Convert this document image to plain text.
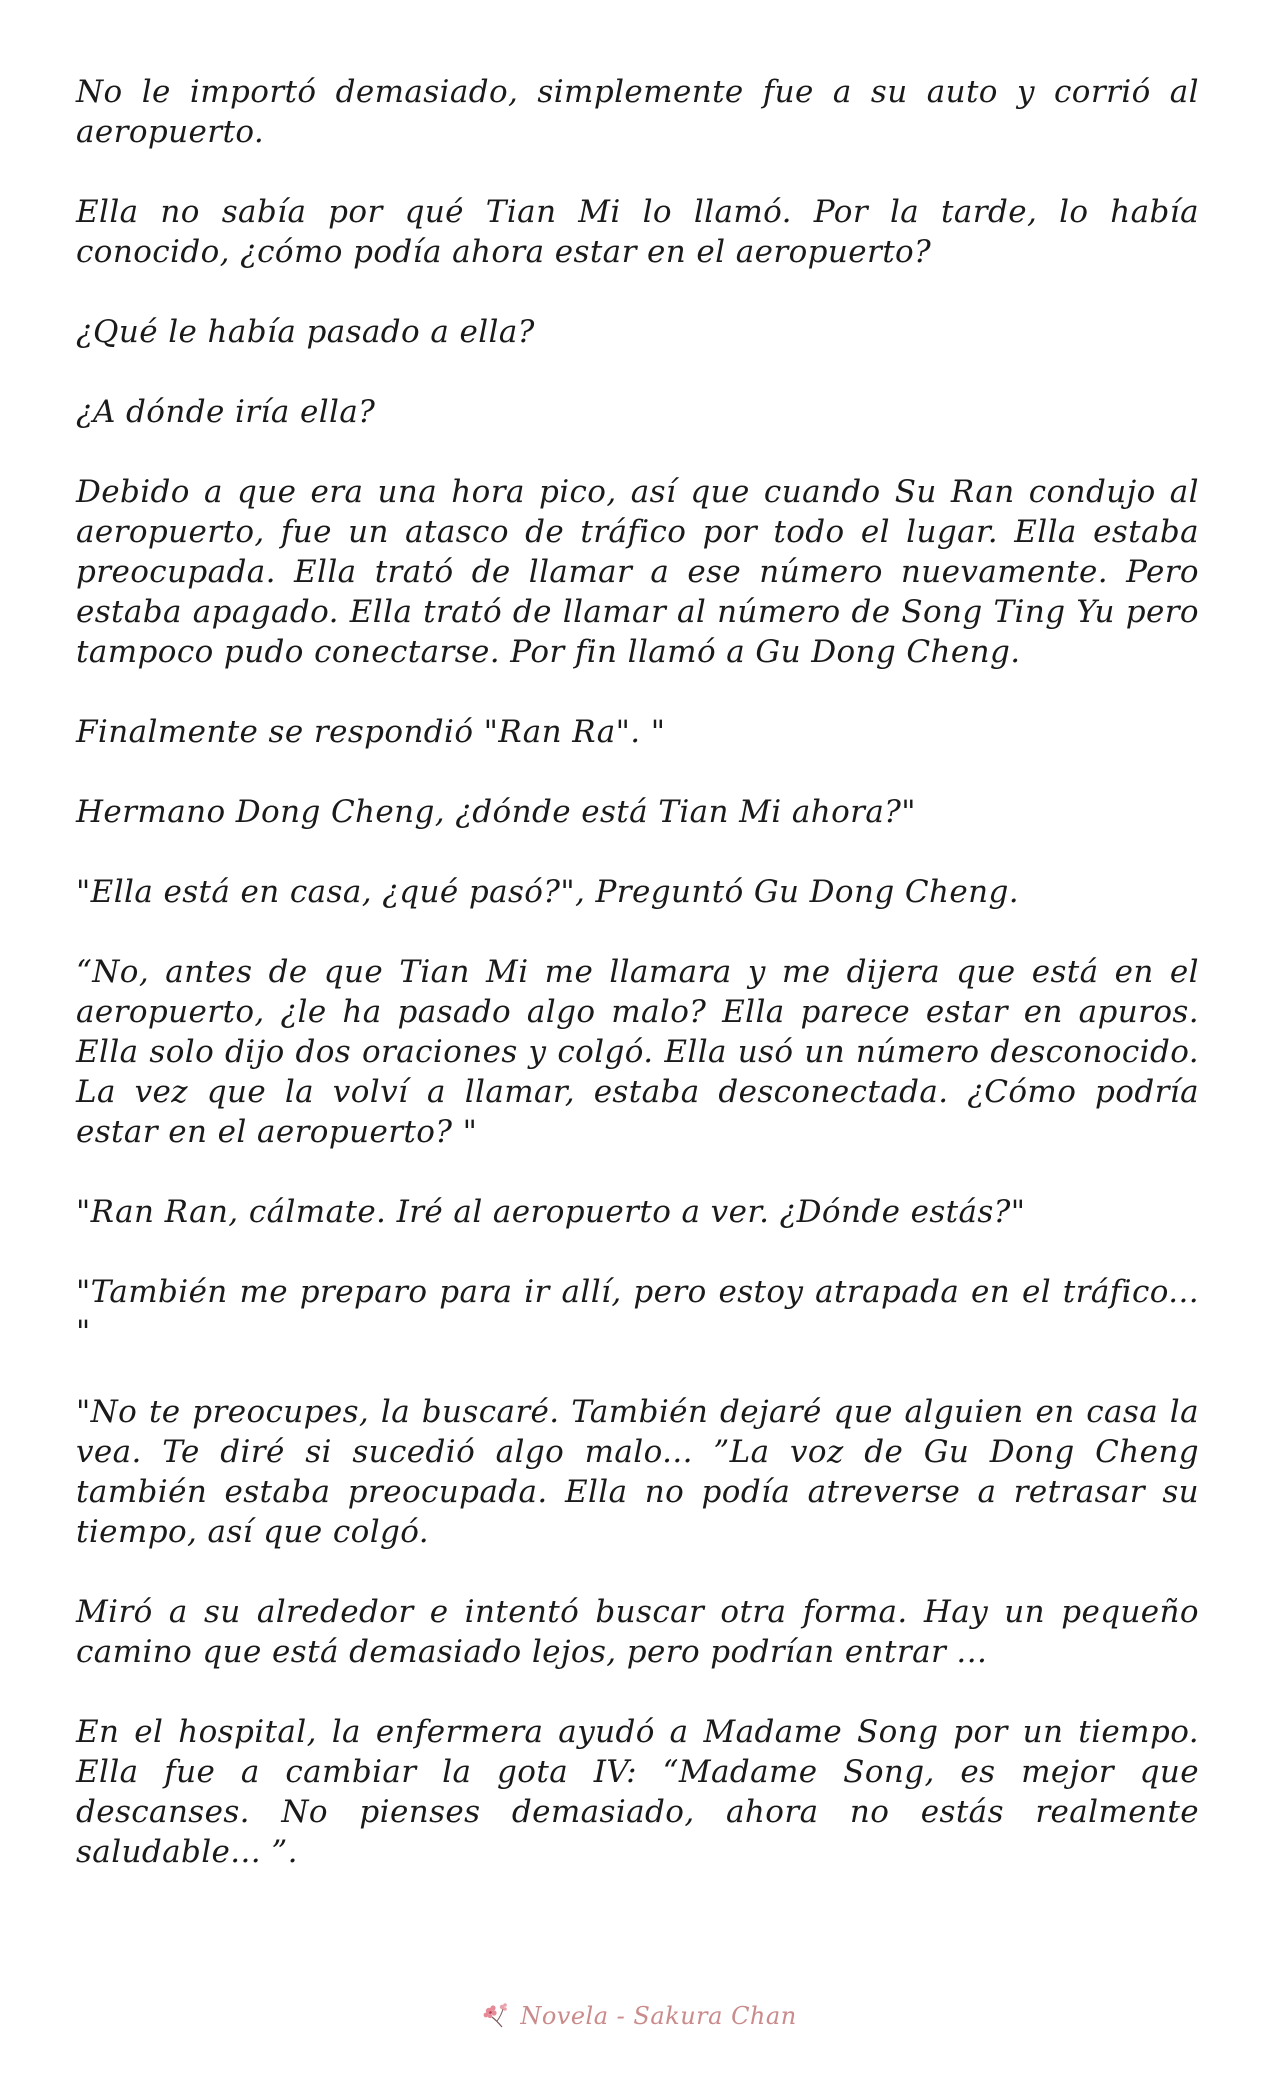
No le importó demasiado, simplemente fue a su auto y corrió al aeropuerto.

Ella no sabía por qué Tian Mi lo llamó. Por la tarde, lo había conocido, ¿cómo podía ahora estar en el aeropuerto?

¿Qué le había pasado a ella?

¿A dónde iría ella?

Debido a que era una hora pico, así que cuando Su Ran condujo al aeropuerto, fue un atasco de tráfico por todo el lugar. Ella estaba preocupada. Ella trató de llamar a ese número nuevamente. Pero estaba apagado. Ella trató de llamar al número de Song Ting Yu pero tampoco pudo conectarse. Por fin llamó a Gu Dong Cheng.

Finalmente se respondió "Ran Ra". "

Hermano Dong Cheng, ¿dónde está Tian Mi ahora?"

"Ella está en casa, ¿qué pasó?", Preguntó Gu Dong Cheng.

“No, antes de que Tian Mi me llamara y me dijera que está en el aeropuerto, ¿le ha pasado algo malo? Ella parece estar en apuros. Ella solo dijo dos oraciones y colgó. Ella usó un número desconocido. La vez que la volví a llamar, estaba desconectada. ¿Cómo podría estar en el aeropuerto? "

"Ran Ran, cálmate. Iré al aeropuerto a ver. ¿Dónde estás?"

"También me preparo para ir allí, pero estoy atrapada en el tráfico... "

"No te preocupes, la buscaré. También dejaré que alguien en casa la vea. Te diré si sucedió algo malo... ”La voz de Gu Dong Cheng también estaba preocupada. Ella no podía atreverse a retrasar su tiempo, así que colgó.

Miró a su alrededor e intentó buscar otra forma. Hay un pequeño camino que está demasiado lejos, pero podrían entrar ...

En el hospital, la enfermera ayudó a Madame Song por un tiempo. Ella fue a cambiar la gota IV: “Madame Song, es mejor que descanses. No pienses demasiado, ahora no estás realmente saludable... ”.

Novela - Sakura Chan
